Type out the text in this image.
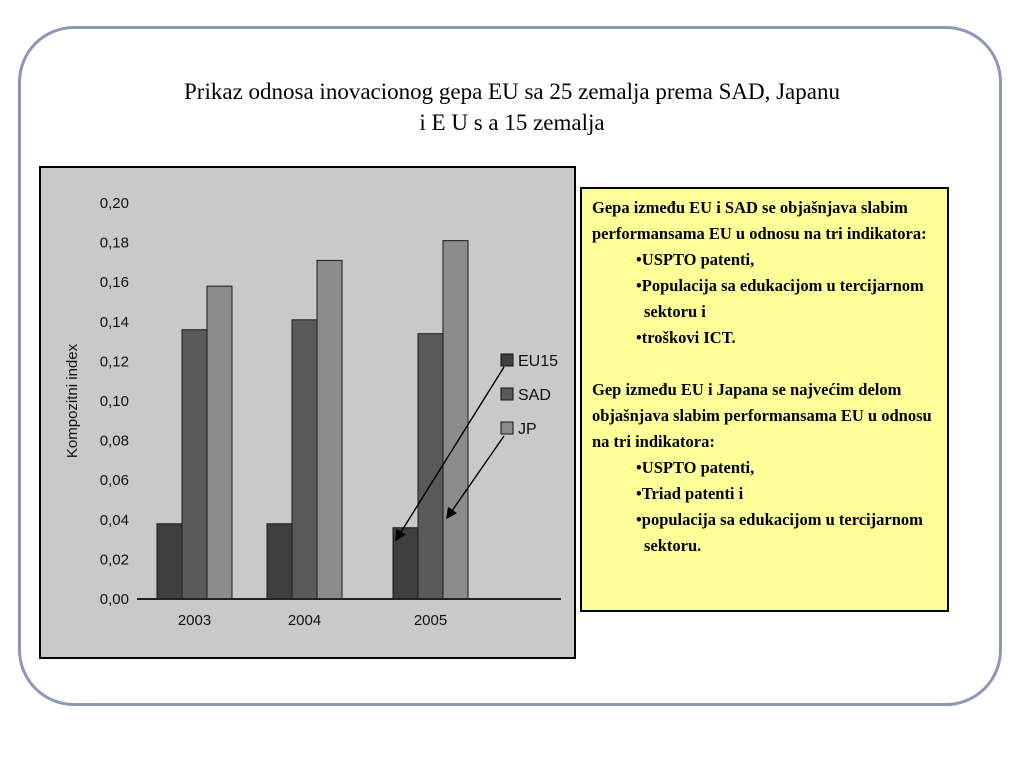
Prikaz odnosa inovacionog gepa EU sa 25 zemalja prema SAD, Japanu
i E U s a 15 zemalja
0,00
0,02
0,04
0,06
0,08
0,10
0,12
0,14
0,16
0,18
0,20
2003	2004	2005
Kompozitni index	EU15
SAD
JP

Gepa između EU i SAD se objašnjava slabim performansama EU u odnosu na tri indikatora:

• USPTO patenti,

• Populacija sa edukacijom u tercijarnom sektoru i

• troškovi ICT.

Gep između EU i Japana se najvećim delom objašnjava slabim performansama EU u odnosu na tri indikatora:

• USPTO patenti,

• Triad patenti i

• populacija sa edukacijom u tercijarnom sektoru.
